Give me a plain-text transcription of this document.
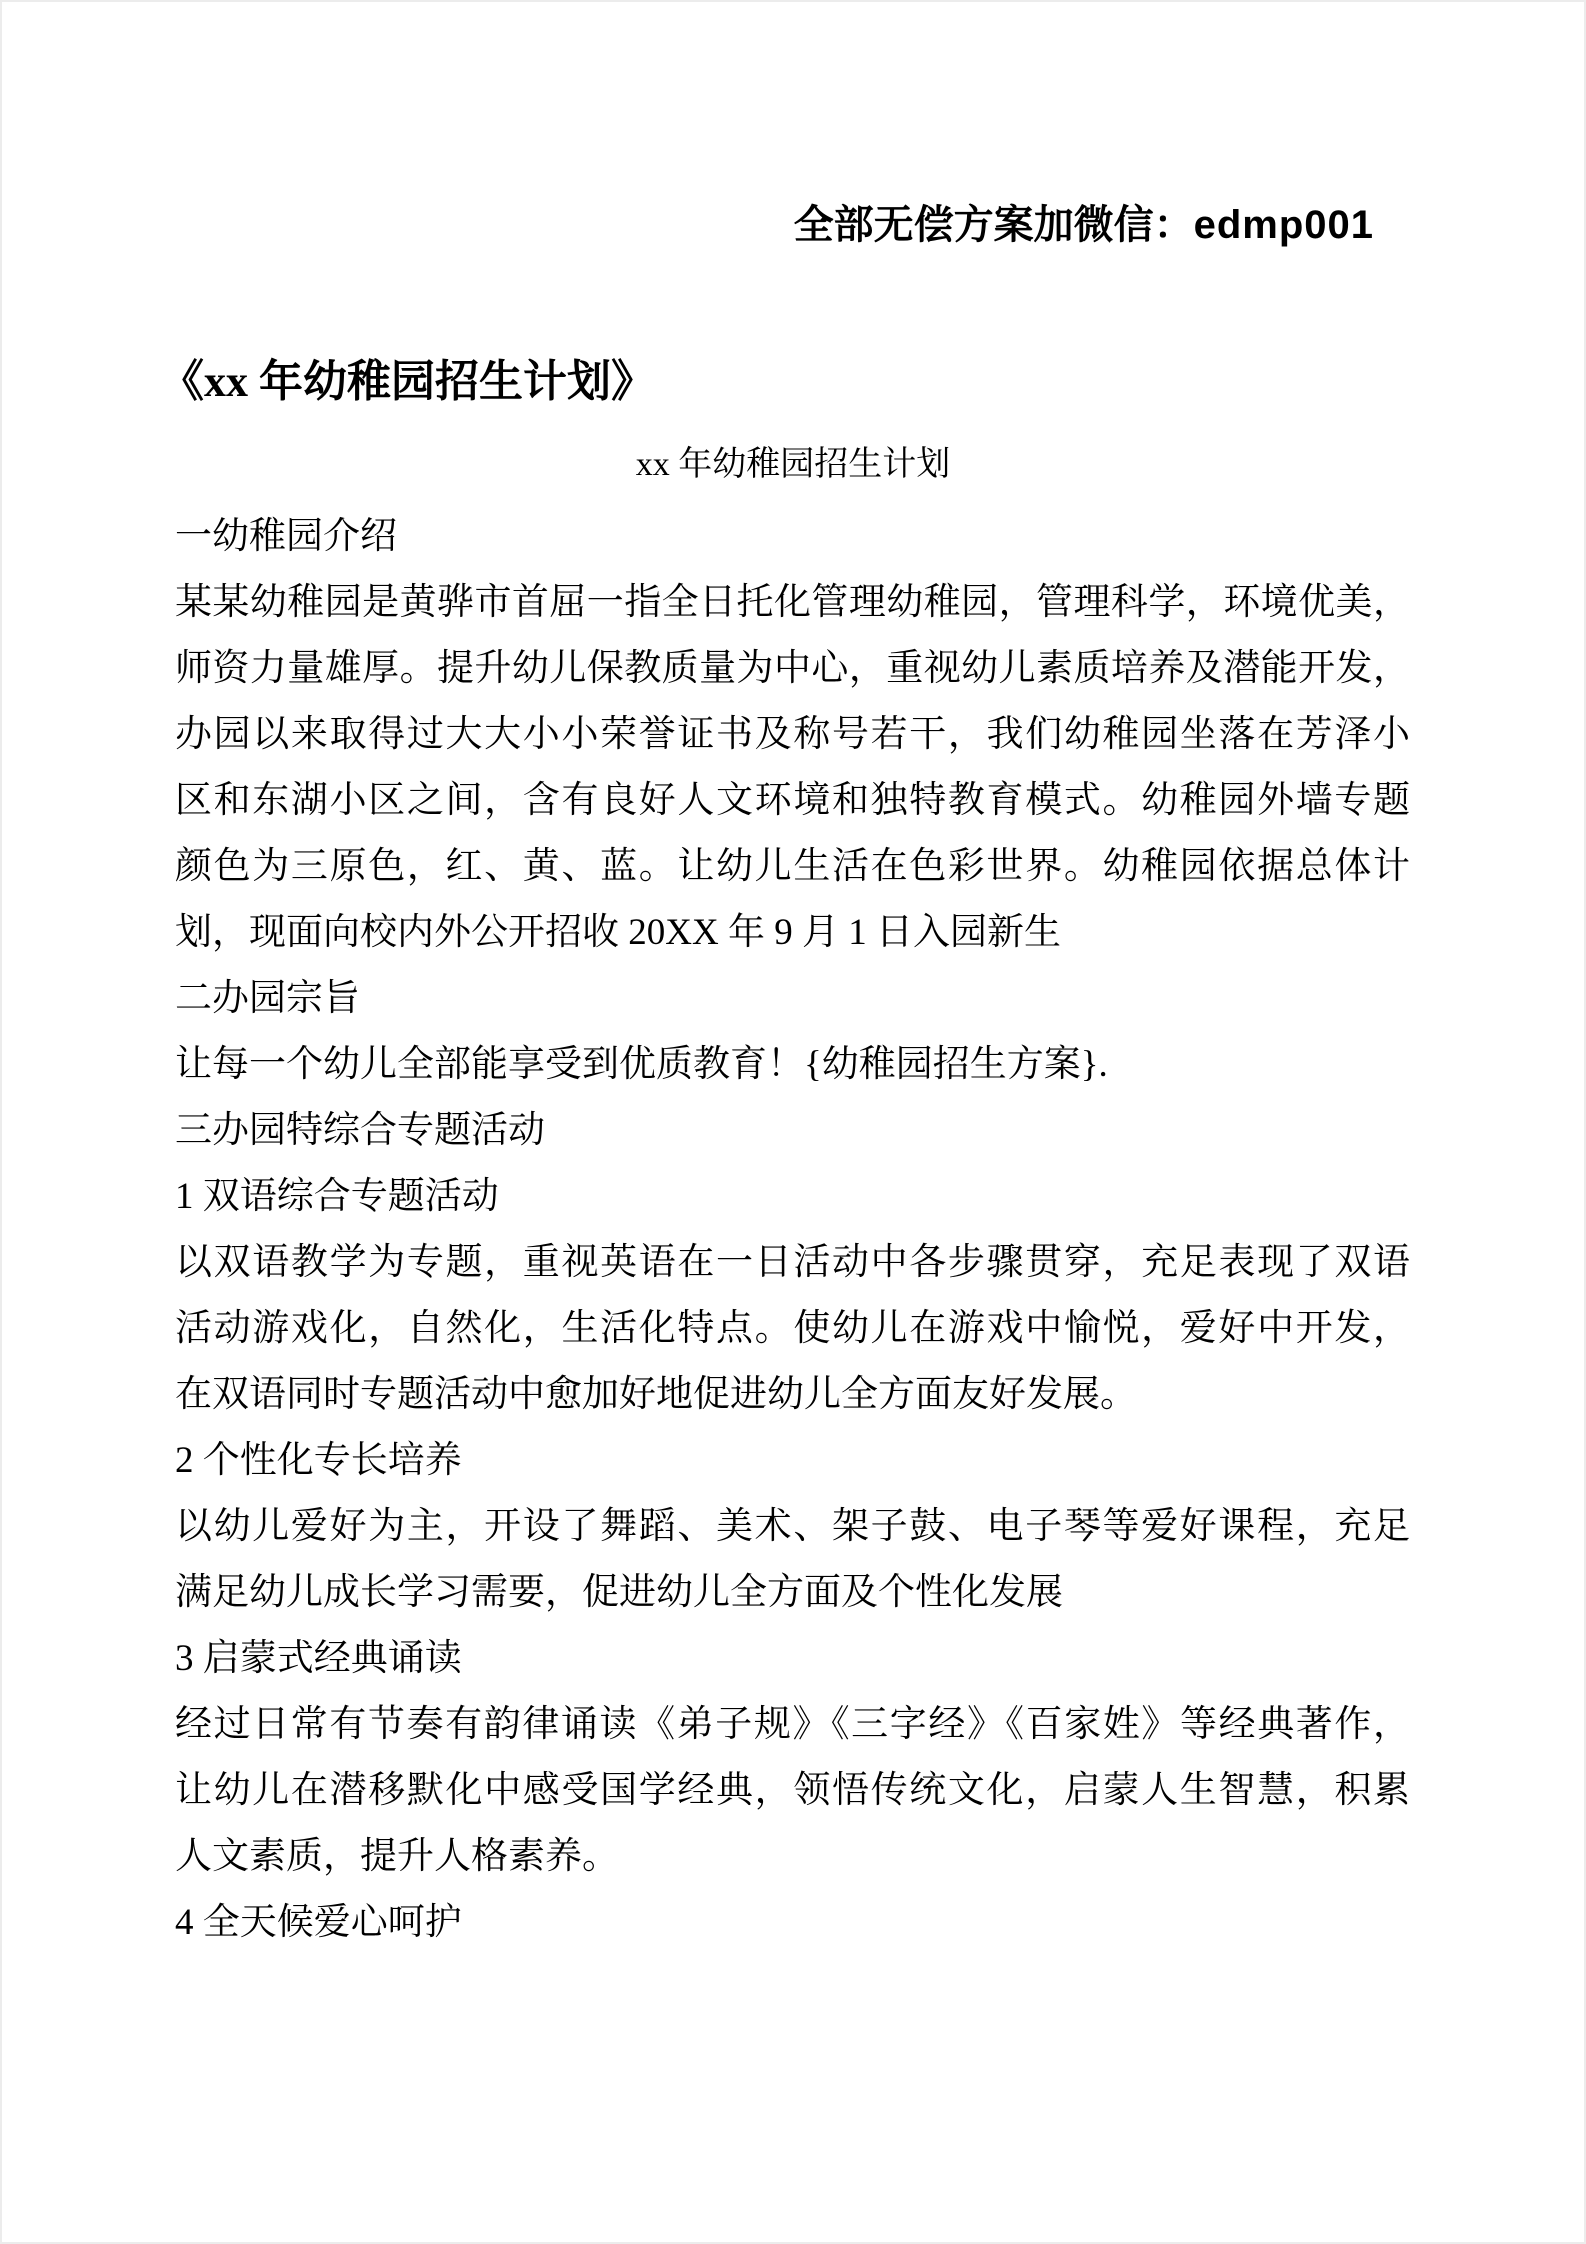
全部无偿方案加微信：edmp001
《xx 年幼稚园招生计划》
xx 年幼稚园招生计划
一幼稚园介绍
某某幼稚园是黄骅市首屈一指全日托化管理幼稚园，管理科学，环境优美，
师资力量雄厚。提升幼儿保教质量为中心，重视幼儿素质培养及潜能开发，
办园以来取得过大大小小荣誉证书及称号若干，我们幼稚园坐落在芳泽小
区和东湖小区之间，含有良好人文环境和独特教育模式。幼稚园外墙专题
颜色为三原色，红、黄、蓝。让幼儿生活在色彩世界。幼稚园依据总体计
划，现面向校内外公开招收 20XX 年 9 月 1 日入园新生
二办园宗旨
让每一个幼儿全部能享受到优质教育！{幼稚园招生方案}.
三办园特综合专题活动
1 双语综合专题活动
以双语教学为专题，重视英语在一日活动中各步骤贯穿，充足表现了双语
活动游戏化，自然化，生活化特点。使幼儿在游戏中愉悦，爱好中开发，
在双语同时专题活动中愈加好地促进幼儿全方面友好发展。
2 个性化专长培养
以幼儿爱好为主，开设了舞蹈、美术、架子鼓、电子琴等爱好课程，充足
满足幼儿成长学习需要，促进幼儿全方面及个性化发展
3 启蒙式经典诵读
经过日常有节奏有韵律诵读《弟子规》《三字经》《百家姓》等经典著作，
让幼儿在潜移默化中感受国学经典，领悟传统文化，启蒙人生智慧，积累
人文素质，提升人格素养。
4 全天候爱心呵护
